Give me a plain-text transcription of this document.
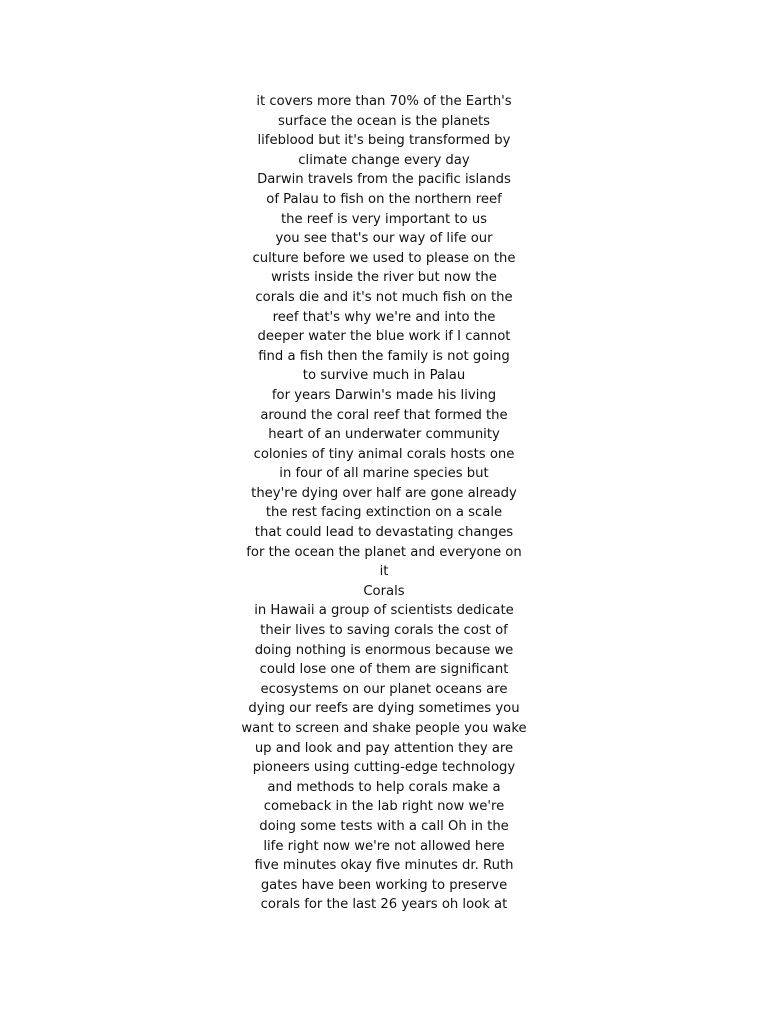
it covers more than 70% of the Earth's
surface the ocean is the planets
lifeblood but it's being transformed by
climate change every day
Darwin travels from the pacific islands
of Palau to fish on the northern reef
the reef is very important to us
you see that's our way of life our
culture before we used to please on the
wrists inside the river but now the
corals die and it's not much fish on the
reef that's why we're and into the
deeper water the blue work if I cannot
find a fish then the family is not going
to survive much in Palau
for years Darwin's made his living
around the coral reef that formed the
heart of an underwater community
colonies of tiny animal corals hosts one
in four of all marine species but
they're dying over half are gone already
the rest facing extinction on a scale
that could lead to devastating changes
for the ocean the planet and everyone on
it
Corals
in Hawaii a group of scientists dedicate
their lives to saving corals the cost of
doing nothing is enormous because we
could lose one of them are significant
ecosystems on our planet oceans are
dying our reefs are dying sometimes you
want to screen and shake people you wake
up and look and pay attention they are
pioneers using cutting-edge technology
and methods to help corals make a
comeback in the lab right now we're
doing some tests with a call Oh in the
life right now we're not allowed here
five minutes okay five minutes dr. Ruth
gates have been working to preserve
corals for the last 26 years oh look at
